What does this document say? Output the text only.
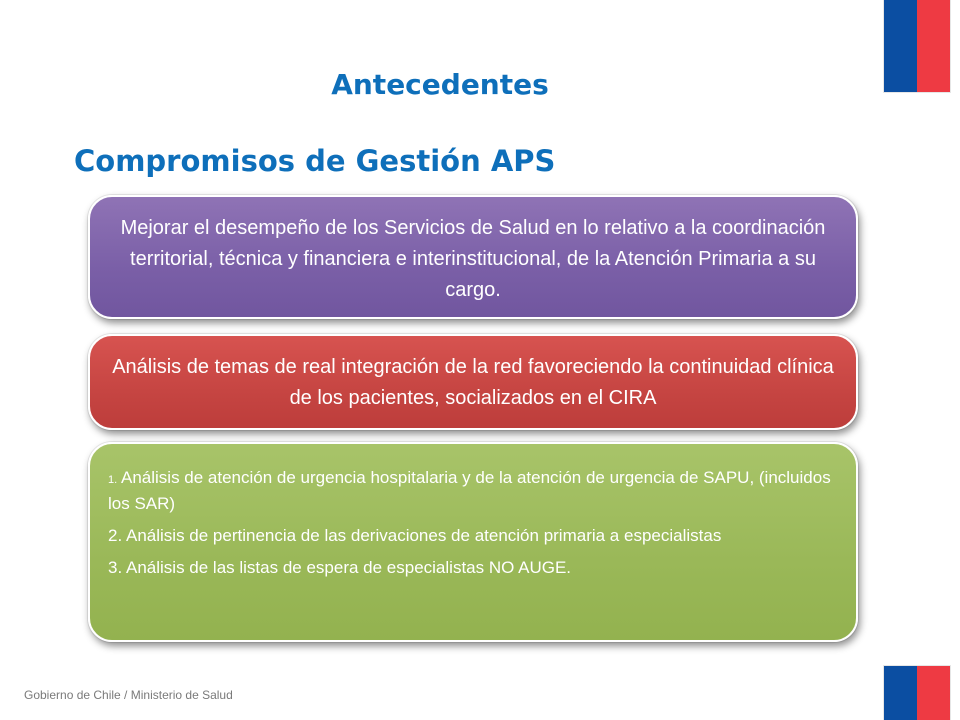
Antecedentes
Compromisos de Gestión APS
Mejorar el desempeño de los Servicios de Salud en lo relativo a la coordinación territorial, técnica y financiera e interinstitucional, de la Atención Primaria a su cargo.
Análisis de temas de real integración de la red favoreciendo la continuidad clínica de los pacientes, socializados en el CIRA

1. Análisis de atención de urgencia hospitalaria y de la atención de urgencia de SAPU, (incluidos los SAR)

2. Análisis de pertinencia de las derivaciones de atención primaria a especialistas

3. Análisis de las listas de espera de especialistas NO AUGE.

Gobierno de Chile / Ministerio de Salud
